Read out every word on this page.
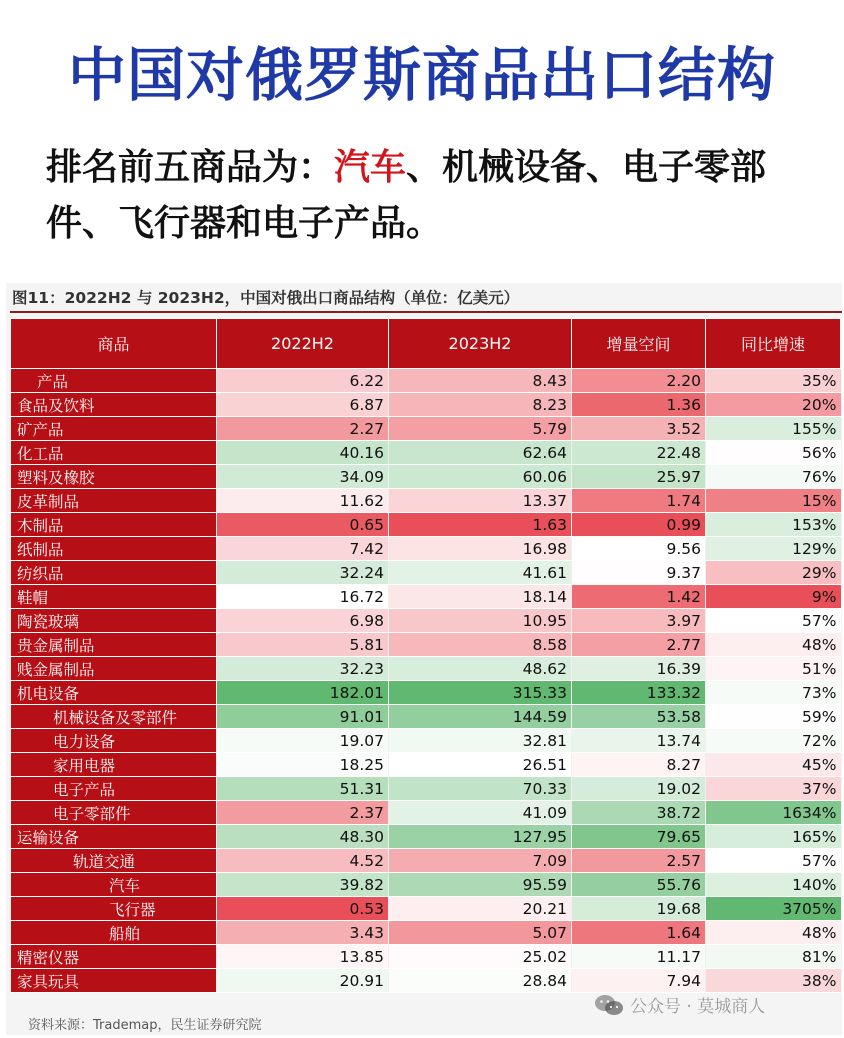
中国对俄罗斯商品出口结构
排名前五商品为：汽车、机械设备、电子零部件、飞行器和电子产品。
图11：2022H2 与 2023H2，中国对俄出口商品结构（单位：亿美元）
商品	2022H2	2023H2	增量空间	同比增速
产品	6.22	8.43	2.20	35%
食品及饮料	6.87	8.23	1.36	20%
矿产品	2.27	5.79	3.52	155%
化工品	40.16	62.64	22.48	56%
塑料及橡胶	34.09	60.06	25.97	76%
皮革制品	11.62	13.37	1.74	15%
木制品	0.65	1.63	0.99	153%
纸制品	7.42	16.98	9.56	129%
纺织品	32.24	41.61	9.37	29%
鞋帽	16.72	18.14	1.42	9%
陶瓷玻璃	6.98	10.95	3.97	57%
贵金属制品	5.81	8.58	2.77	48%
贱金属制品	32.23	48.62	16.39	51%
机电设备	182.01	315.33	133.32	73%
机械设备及零部件	91.01	144.59	53.58	59%
电力设备	19.07	32.81	13.74	72%
家用电器	18.25	26.51	8.27	45%
电子产品	51.31	70.33	19.02	37%
电子零部件	2.37	41.09	38.72	1634%
运输设备	48.30	127.95	79.65	165%
轨道交通	4.52	7.09	2.57	57%
汽车	39.82	95.59	55.76	140%
飞行器	0.53	20.21	19.68	3705%
船舶	3.43	5.07	1.64	48%
精密仪器	13.85	25.02	11.17	81%
家具玩具	20.91	28.84	7.94	38%
资料来源：Trademap，民生证券研究院
公众号 · 莫城商人
